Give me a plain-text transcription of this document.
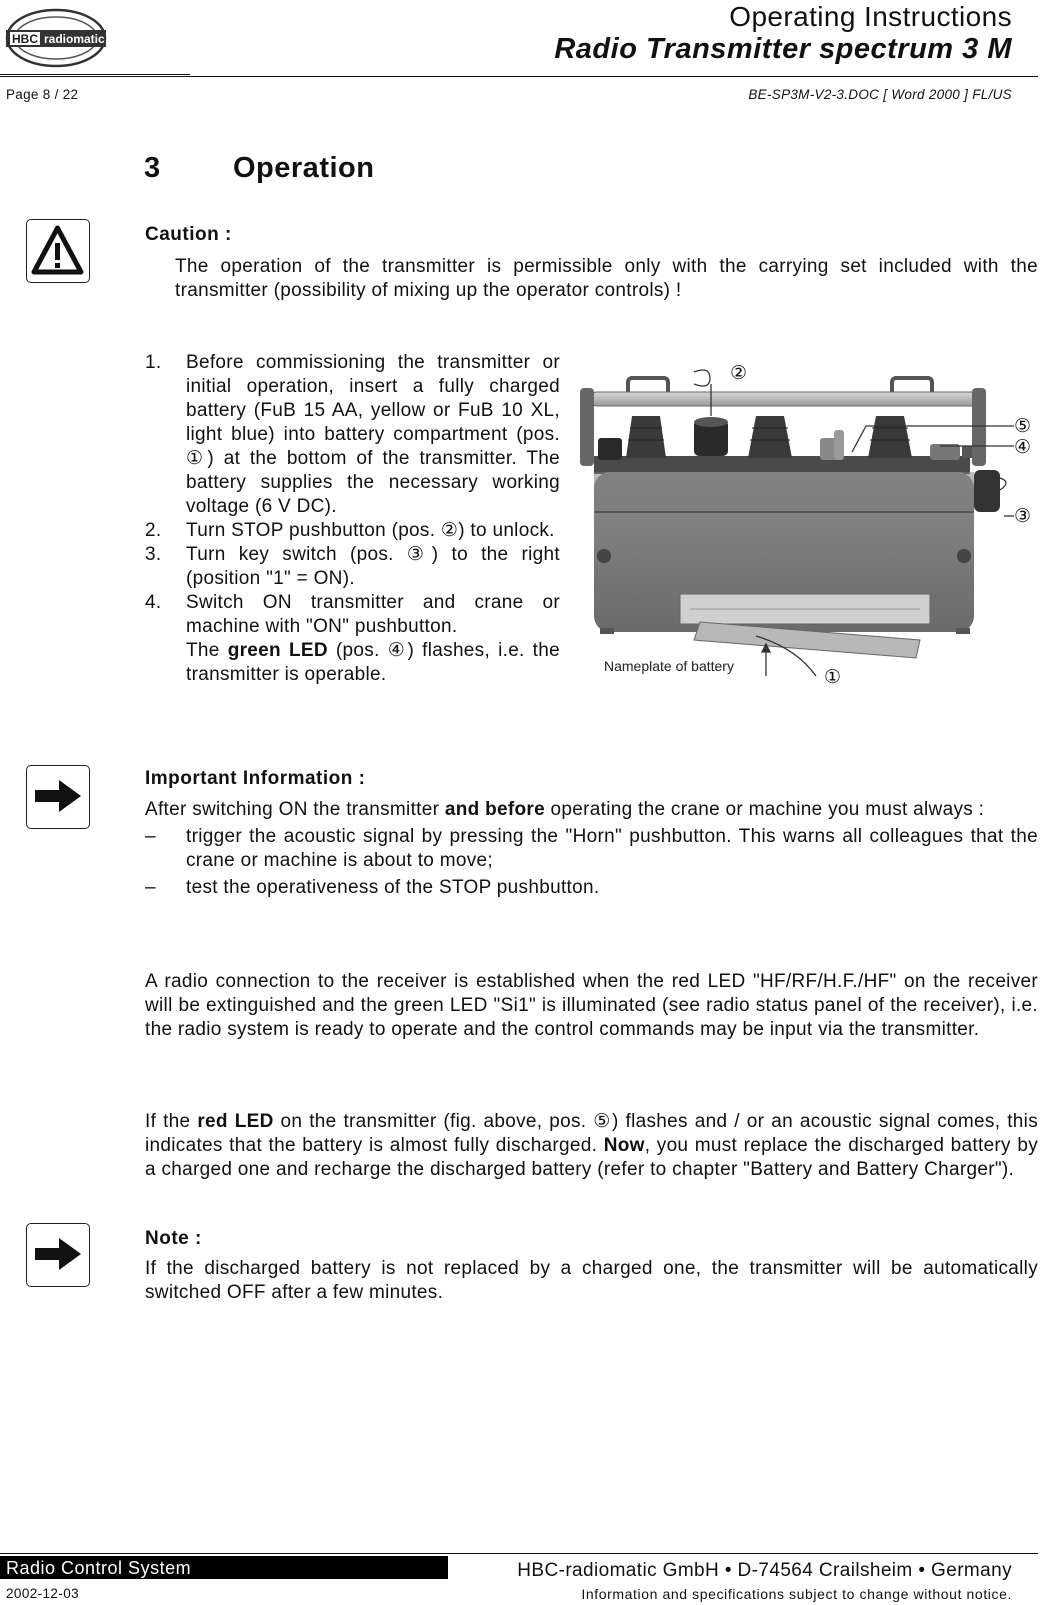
HBC radiomatic
Operating Instructions
Radio Transmitter spectrum 3 M
Page 8 / 22	BE-SP3M-V2-3.DOC [ Word 2000 ] FL/US
3 Operation
Caution :

The operation of the transmitter is permissible only with the carrying set included with the transmitter (possibility of mixing up the operator controls) !

1. Before commissioning the transmitter or initial operation, insert a fully charged battery (FuB 15 AA, yellow or FuB 10 XL, light blue) into battery compartment (pos. ①) at the bottom of the transmitter. The battery supplies the necessary working voltage (6 V DC).
2. Turn STOP pushbutton (pos. ②) to unlock.
3. Turn key switch (pos. ③) to the right (position "1" = ON).
4. Switch ON transmitter and crane or machine with "ON" pushbutton.
The green LED (pos. ④) flashes, i.e. the transmitter is operable.
②
⑤
④
③
①
Nameplate of battery
Important Information :

After switching ON the transmitter and before operating the crane or machine you must always :

– trigger the acoustic signal by pressing the "Horn" pushbutton. This warns all colleagues that the crane or machine is about to move;
– test the operativeness of the STOP pushbutton.

A radio connection to the receiver is established when the red LED "HF/RF/H.F./HF" on the receiver will be extinguished and the green LED "Si1" is illuminated (see radio status panel of the receiver), i.e. the radio system is ready to operate and the control commands may be input via the transmitter.

If the red LED on the transmitter (fig. above, pos. ⑤) flashes and / or an acoustic signal comes, this indicates that the battery is almost fully discharged. Now, you must replace the discharged battery by a charged one and recharge the discharged battery (refer to chapter "Battery and Battery Charger").

Note :

If the discharged battery is not replaced by a charged one, the transmitter will be automatically switched OFF after a few minutes.

Radio Control System	HBC-radiomatic GmbH • D-74564 Crailsheim • Germany
2002-12-03	Information and specifications subject to change without notice.
